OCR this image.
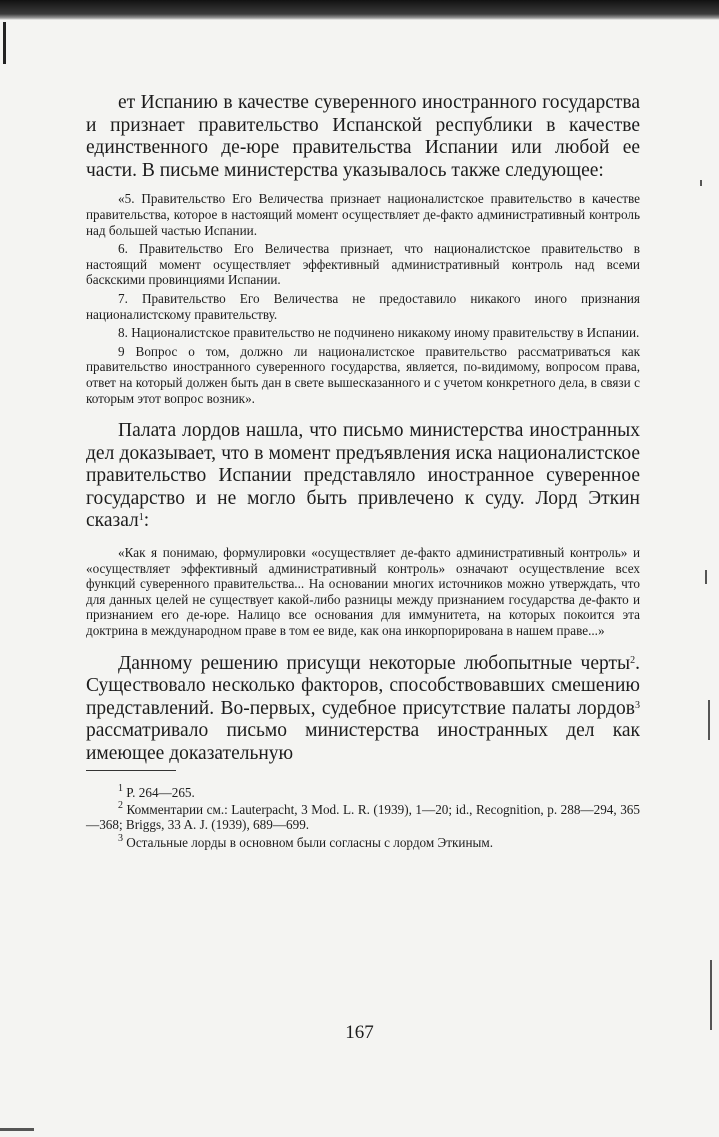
ет Испанию в качестве суверенного иностранного государства и признает правительство Испанской республики в качестве единственного де-юре правительства Испании или любой ее части. В письме министерства указывалось также следующее:

«5. Правительство Его Величества признает националистское правительство в качестве правительства, которое в настоящий момент осуществляет де-факто административный контроль над большей частью Испании.

6. Правительство Его Величества признает, что националистское правительство в настоящий момент осуществляет эффективный административный контроль над всеми баскскими провинциями Испании.

7. Правительство Его Величества не предоставило никакого иного признания националистскому правительству.

8. Националистское правительство не подчинено никакому иному правительству в Испании.

9 Вопрос о том, должно ли националистское правительство рассматриваться как правительство иностранного суверенного государства, является, по-видимому, вопросом права, ответ на который должен быть дан в свете вышесказанного и с учетом конкретного дела, в связи с которым этот вопрос возник».

Палата лордов нашла, что письмо министерства иностранных дел доказывает, что в момент предъявления иска националистское правительство Испании представляло иностранное суверенное государство и не могло быть привлечено к суду. Лорд Эткин сказал$^1$:

«Как я понимаю, формулировки «осуществляет де-факто административный контроль» и «осуществляет эффективный административный контроль» означают осуществление всех функций суверенного правительства... На основании многих источников можно утверждать, что для данных целей не существует какой-либо разницы между признанием государства де-факто и признанием его де-юре. Налицо все основания для иммунитета, на которых покоится эта доктрина в международном праве в том ее виде, как она инкорпорирована в нашем праве...»

Данному решению присущи некоторые любопытные черты$^2$. Существовало несколько факторов, способствовавших смешению представлений. Во-первых, судебное присутствие палаты лордов$^3$ рассматривало письмо министерства иностранных дел как имеющее доказательную

$^1$ P. 264—265.

$^2$ Комментарии см.: Lauterpacht, 3 Mod. L. R. (1939), 1—20; id., Recognition, p. 288—294, 365—368; Briggs, 33 A. J. (1939), 689—699.

$^3$ Остальные лорды в основном были согласны с лордом Эткиным.

167
